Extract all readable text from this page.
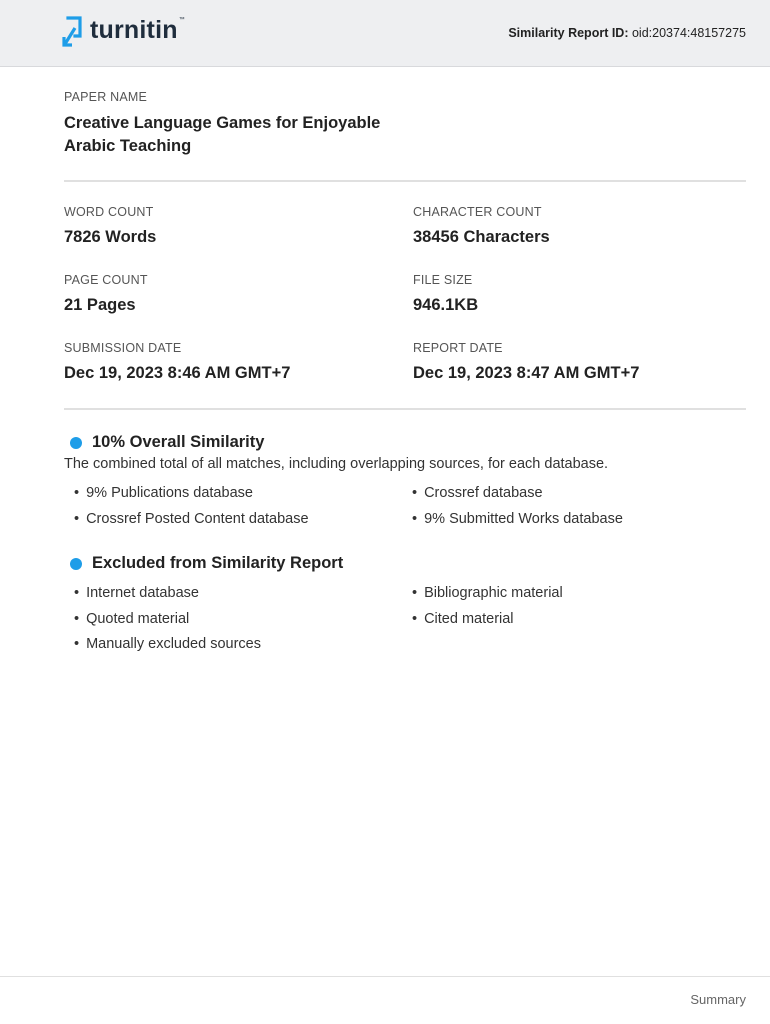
turnitin ™
Similarity Report ID: oid:20374:48157275
PAPER NAME
Creative Language Games for Enjoyable Arabic Teaching
WORD COUNT
7826 Words
CHARACTER COUNT
38456 Characters
PAGE COUNT
21 Pages
FILE SIZE
946.1KB
SUBMISSION DATE
Dec 19, 2023 8:46 AM GMT+7
REPORT DATE
Dec 19, 2023 8:47 AM GMT+7
10% Overall Similarity
The combined total of all matches, including overlapping sources, for each database.
• 9% Publications database	• Crossref database
• Crossref Posted Content database	• 9% Submitted Works database
Excluded from Similarity Report
• Internet database	• Bibliographic material
• Quoted material	• Cited material
• Manually excluded sources
Summary
